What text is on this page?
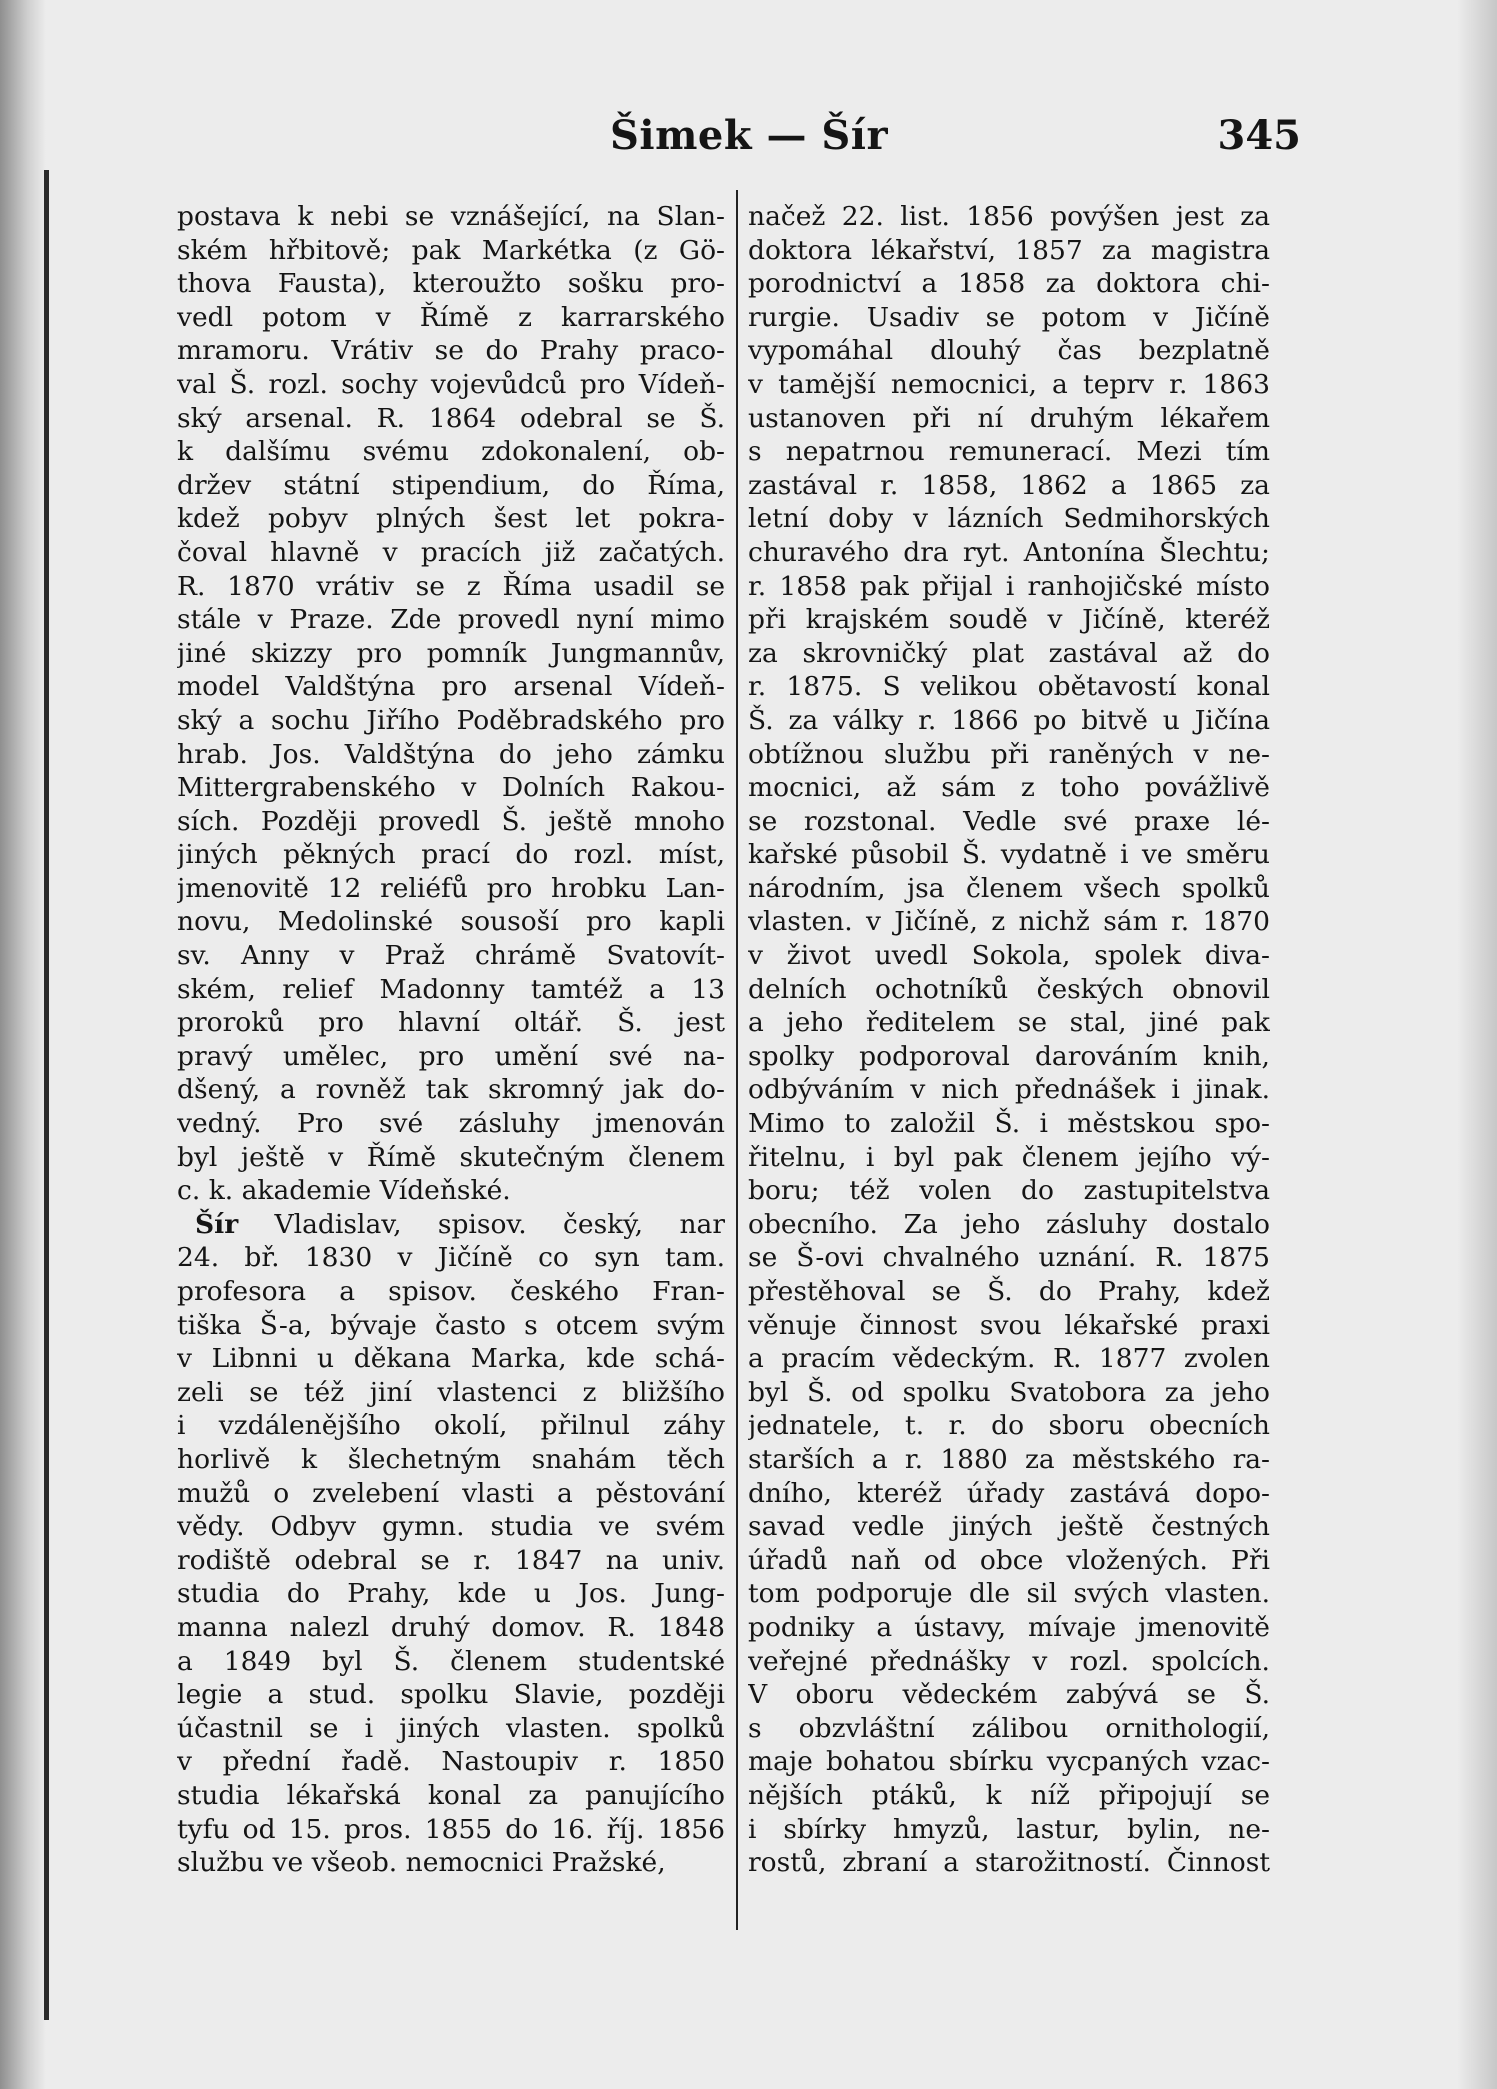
Šimek — Šír	345
postava k nebi se vznášející, na Slan-
ském hřbitově; pak Markétka (z Gö-
thova Fausta), kteroužto sošku pro-
vedl potom v Římě z karrarského
mramoru. Vrátiv se do Prahy praco-
val Š. rozl. sochy vojevůdců pro Vídeň-
ský arsenal. R. 1864 odebral se Š.
k dalšímu svému zdokonalení, ob-
držev státní stipendium, do Říma,
kdež pobyv plných šest let pokra-
čoval hlavně v pracích již začatých.
R. 1870 vrátiv se z Říma usadil se
stále v Praze. Zde provedl nyní mimo
jiné skizzy pro pomník Jungmannův,
model Valdštýna pro arsenal Vídeň-
ský a sochu Jiřího Poděbradského pro
hrab. Jos. Valdštýna do jeho zámku
Mittergrabenského v Dolních Rakou-
sích. Později provedl Š. ještě mnoho
jiných pěkných prací do rozl. míst,
jmenovitě 12 reliéfů pro hrobku Lan-
novu, Medolinské sousoší pro kapli
sv. Anny v Praž chrámě Svatovít-
ském, relief Madonny tamtéž a 13
proroků pro hlavní oltář. Š. jest
pravý umělec, pro umění své na-
dšený, a rovněž tak skromný jak do-
vedný. Pro své zásluhy jmenován
byl ještě v Římě skutečným členem
c. k. akademie Vídeňské.
Šír Vladislav, spisov. český, nar
24. bř. 1830 v Jičíně co syn tam.
profesora a spisov. českého Fran-
tiška Š-a, bývaje často s otcem svým
v Libnni u děkana Marka, kde schá-
zeli se též jiní vlastenci z bližšího
i vzdálenějšího okolí, přilnul záhy
horlivě k šlechetným snahám těch
mužů o zvelebení vlasti a pěstování
vědy. Odbyv gymn. studia ve svém
rodiště odebral se r. 1847 na univ.
studia do Prahy, kde u Jos. Jung-
manna nalezl druhý domov. R. 1848
a 1849 byl Š. členem studentské
legie a stud. spolku Slavie, později
účastnil se i jiných vlasten. spolků
v přední řadě. Nastoupiv r. 1850
studia lékařská konal za panujícího
tyfu od 15. pros. 1855 do 16. říj. 1856
službu ve všeob. nemocnici Pražské,
načež 22. list. 1856 povýšen jest za
doktora lékařství, 1857 za magistra
porodnictví a 1858 za doktora chi-
rurgie. Usadiv se potom v Jičíně
vypomáhal dlouhý čas bezplatně
v tamější nemocnici, a teprv r. 1863
ustanoven při ní druhým lékařem
s nepatrnou remunerací. Mezi tím
zastával r. 1858, 1862 a 1865 za
letní doby v lázních Sedmihorských
churavého dra ryt. Antonína Šlechtu;
r. 1858 pak přijal i ranhojičské místo
při krajském soudě v Jičíně, kteréž
za skrovničký plat zastával až do
r. 1875. S velikou obětavostí konal
Š. za války r. 1866 po bitvě u Jičína
obtížnou službu při raněných v ne-
mocnici, až sám z toho povážlivě
se rozstonal. Vedle své praxe lé-
kařské působil Š. vydatně i ve směru
národním, jsa členem všech spolků
vlasten. v Jičíně, z nichž sám r. 1870
v život uvedl Sokola, spolek diva-
delních ochotníků českých obnovil
a jeho ředitelem se stal, jiné pak
spolky podporoval darováním knih,
odbýváním v nich přednášek i jinak.
Mimo to založil Š. i městskou spo-
řitelnu, i byl pak členem jejího vý-
boru; též volen do zastupitelstva
obecního. Za jeho zásluhy dostalo
se Š-ovi chvalného uznání. R. 1875
přestěhoval se Š. do Prahy, kdež
věnuje činnost svou lékařské praxi
a pracím vědeckým. R. 1877 zvolen
byl Š. od spolku Svatobora za jeho
jednatele, t. r. do sboru obecních
starších a r. 1880 za městského ra-
dního, kteréž úřady zastává dopo-
savad vedle jiných ještě čestných
úřadů naň od obce vložených. Při
tom podporuje dle sil svých vlasten.
podniky a ústavy, mívaje jmenovitě
veřejné přednášky v rozl. spolcích.
V oboru vědeckém zabývá se Š.
s obzvláštní zálibou ornithologií,
maje bohatou sbírku vycpaných vzac-
nějších ptáků, k níž připojují se
i sbírky hmyzů, lastur, bylin, ne-
rostů, zbraní a starožitností. Činnost
